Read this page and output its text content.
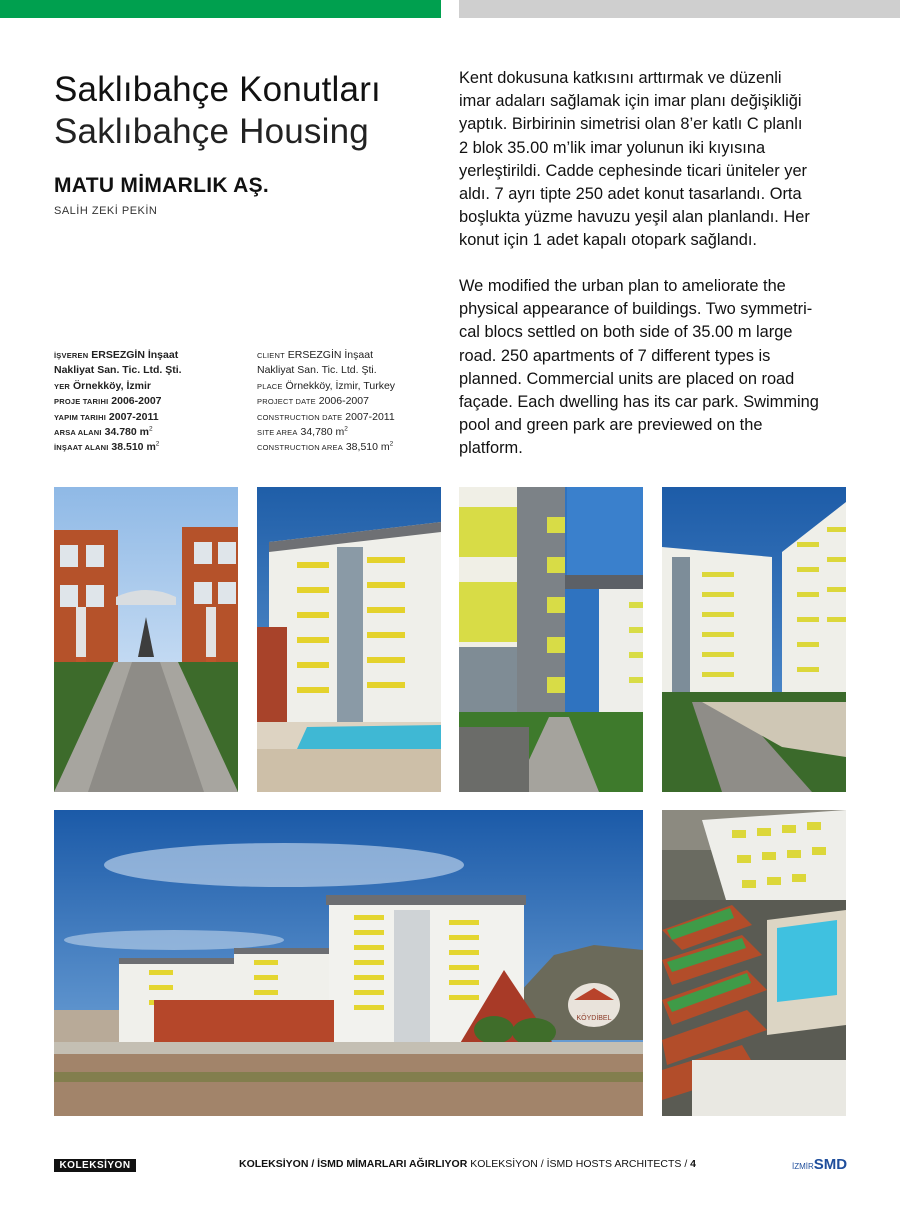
Saklıbahçe Konutları
Saklıbahçe Housing
MATU MİMARLIK AŞ.
SALİH ZEKİ PEKİN
İŞVEREN ERSEZGİN İnşaat
Nakliyat San. Tic. Ltd. Şti.
YER Örnekköy, İzmir
PROJE TARIHI 2006-2007
YAPIM TARIHI 2007-2011
ARSA ALANI 34.780 $m^2$
İNŞAAT ALANI 38.510 $m^2$
CLIENT ERSEZGİN İnşaat
Nakliyat San. Tic. Ltd. Şti.
PLACE Örnekköy, İzmir, Turkey
PROJECT DATE 2006-2007
CONSTRUCTION DATE 2007-2011
SITE AREA 34,780 $m^2$
CONSTRUCTION AREA 38,510 $m^2$
Kent dokusuna katkısını arttırmak ve düzenli
imar adaları sağlamak için imar planı değişikliği
yaptık. Birbirinin simetrisi olan 8’er katlı C planlı
2 blok 35.00 m’lik imar yolunun iki kıyısına
yerleştirildi. Cadde cephesinde ticari üniteler yer
aldı. 7 ayrı tipte 250 adet konut tasarlandı. Orta
boşlukta yüzme havuzu yeşil alan planlandı. Her
konut için 1 adet kapalı otopark sağlandı.
We modified the urban plan to ameliorate the
physical appearance of buildings. Two symmetri-
cal blocs settled on both side of 35.00 m large
road. 250 apartments of 7 different types is
planned. Commercial units are placed on road
façade. Each dwelling has its car park. Swimming
pool and green park are previewed on the
platform.
KÖYDİBEL
KOLEKSİYON	KOLEKSİYON / İSMD MİMARLARI AĞIRLIYOR KOLEKSİYON / İSMD HOSTS ARCHITECTS / 4	İZMİRSMD
